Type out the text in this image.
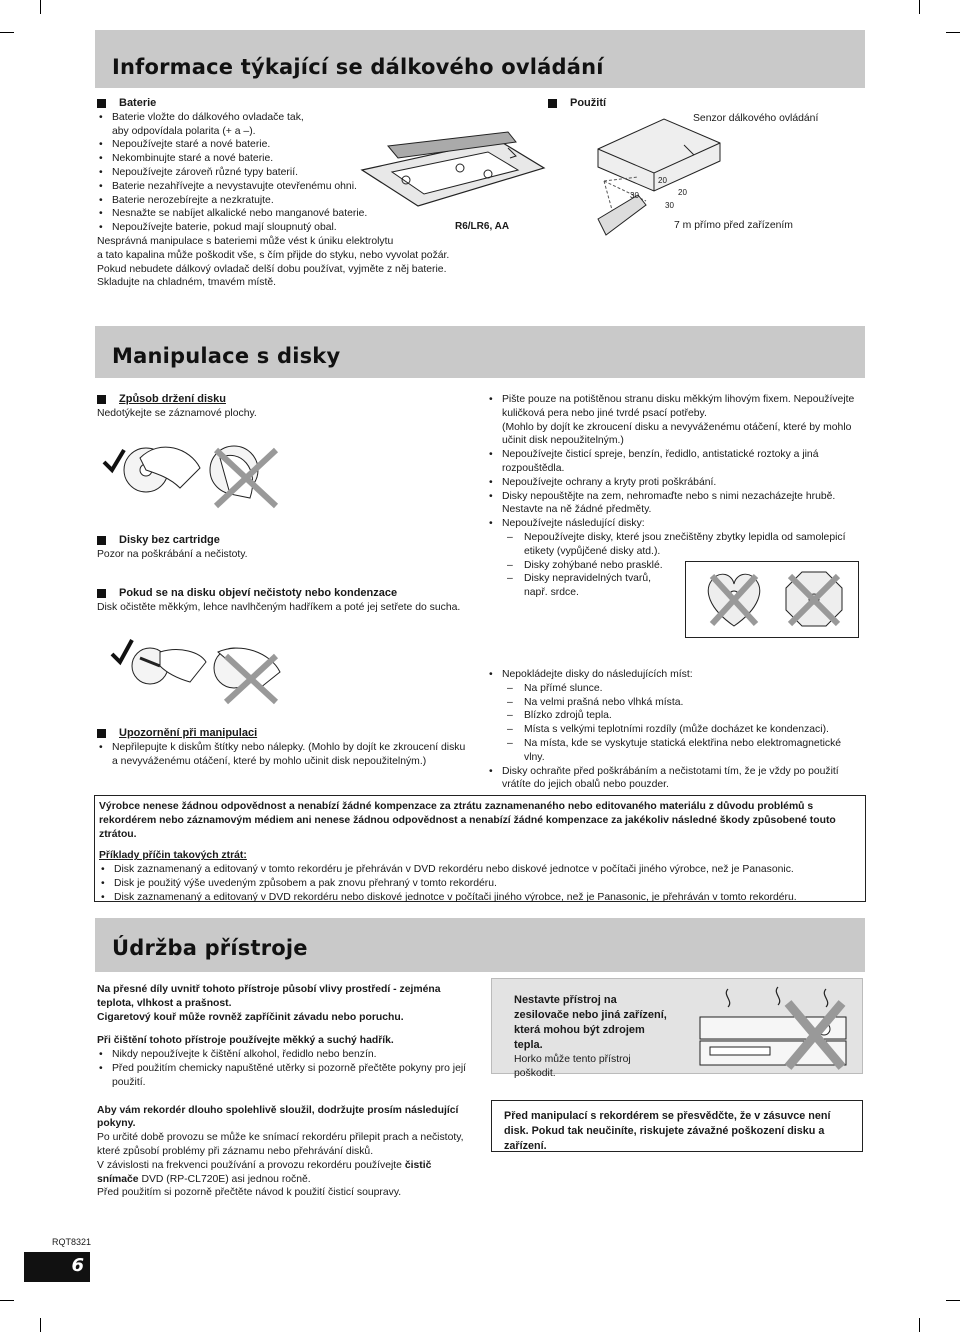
Informace týkající se dálkového ovládání

Baterie

• Baterie vložte do dálkového ovladače tak,
aby odpovídala polarita (+ a –).
• Nepoužívejte staré a nové baterie.
• Nekombinujte staré a nové baterie.
• Nepoužívejte zároveň různé typy baterií.
• Baterie nezahřívejte a nevystavujte otevřenému ohni.
• Baterie nerozebírejte a nezkratujte.
• Nesnažte se nabíjet alkalické nebo manganové baterie.
• Nepoužívejte baterie, pokud mají sloupnutý obal.

Nesprávná manipulace s bateriemi může vést k úniku elektrolytu

a tato kapalina může poškodit vše, s čím přijde do styku, nebo vyvolat požár.

Pokud nebudete dálkový ovladač delší dobu používat, vyjměte z něj baterie.

Skladujte na chladném, tmavém místě.

R6/LR6, AA

Použití

Senzor dálkového ovládání
7 m přímo před zařízením
30
20
20
30
Manipulace s disky

Způsob držení disku

Nedotýkejte se záznamové plochy.

Disky bez cartridge

Pozor na poškrábání a nečistoty.

Pokud se na disku objeví nečistoty nebo kondenzace

Disk očistěte měkkým, lehce navlhčeným hadříkem a poté jej setřete do sucha.

• Pište pouze na potištěnou stranu disku měkkým lihovým fixem. Nepoužívejte kuličková pera nebo jiné tvrdé psací potřeby.
(Mohlo by dojít ke zkroucení disku a nevyváženému otáčení, které by mohlo učinit disk nepoužitelným.)
• Nepoužívejte čisticí spreje, benzín, ředidlo, antistatické roztoky a jiná rozpouštědla.
• Nepoužívejte ochrany a kryty proti poškrábání.
• Disky nepouštějte na zem, nehromaďte nebo s nimi nezacházejte hrubě. Nestavte na ně žádné předměty.
• Nepoužívejte následující disky:
– Nepoužívejte disky, které jsou znečištěny zbytky lepidla od samolepicí etikety (vypůjčené disky atd.).
– Disky zohýbané nebo prasklé.
– Disky nepravidelných tvarů,
např. srdce.

Upozornění při manipulaci

• Nepřilepujte k diskům štítky nebo nálepky. (Mohlo by dojít ke zkroucení disku a nevyváženému otáčení, které by mohlo učinit disk nepoužitelným.)
• Nepokládejte disky do následujících míst:
– Na přímé slunce.
– Na velmi prašná nebo vlhká místa.
– Blízko zdrojů tepla.
– Místa s velkými teplotními rozdíly (může docházet ke kondenzaci).
– Na místa, kde se vyskytuje statická elektřina nebo elektromagnetické vlny.
• Disky ochraňte před poškrábáním a nečistotami tím, že je vždy po použití vrátíte do jejich obalů nebo pouzder.

Výrobce nenese žádnou odpovědnost a nenabízí žádné kompenzace za ztrátu zaznamenaného nebo editovaného materiálu z důvodu problémů s rekordérem nebo záznamovým médiem ani nenese žádnou odpovědnost a nenabízí žádné kompenzace za jakékoliv následné škody způsobené touto ztrátou.

Příklady příčin takových ztrát:

• Disk zaznamenaný a editovaný v tomto rekordéru je přehráván v DVD rekordéru nebo diskové jednotce v počítači jiného výrobce, než je Panasonic.
• Disk je použitý výše uvedeným způsobem a pak znovu přehraný v tomto rekordéru.
• Disk zaznamenaný a editovaný v DVD rekordéru nebo diskové jednotce v počítači jiného výrobce, než je Panasonic, je přehráván v tomto rekordéru.
Údržba přístroje

Na přesné díly uvnitř tohoto přístroje působí vlivy prostředí - zejména teplota, vlhkost a prašnost.

Cigaretový kouř může rovněž zapříčinit závadu nebo poruchu.

Při čištění tohoto přístroje používejte měkký a suchý hadřík.

• Nikdy nepoužívejte k čištění alkohol, ředidlo nebo benzín.
• Před použitím chemicky napuštěné utěrky si pozorně přečtěte pokyny pro její použití.

Aby vám rekordér dlouho spolehlivě sloužil, dodržujte prosím následující pokyny.

Po určité době provozu se může ke snímací rekordéru přilepit prach a nečistoty, které způsobí problémy při záznamu nebo přehrávání disků.

V závislosti na frekvenci používání a provozu rekordéru používejte čistič snímače DVD (RP-CL720E) asi jednou ročně.

Před použitím si pozorně přečtěte návod k použití čisticí soupravy.

Nestavte přístroj na zesilovače nebo jiná zařízení, která mohou být zdrojem tepla.

Horko může tento přístroj poškodit.

Před manipulací s rekordérem se přesvědčte, že v zásuvce není disk. Pokud tak neučiníte, riskujete závažné poškození disku a zařízení.
RQT8321
6
